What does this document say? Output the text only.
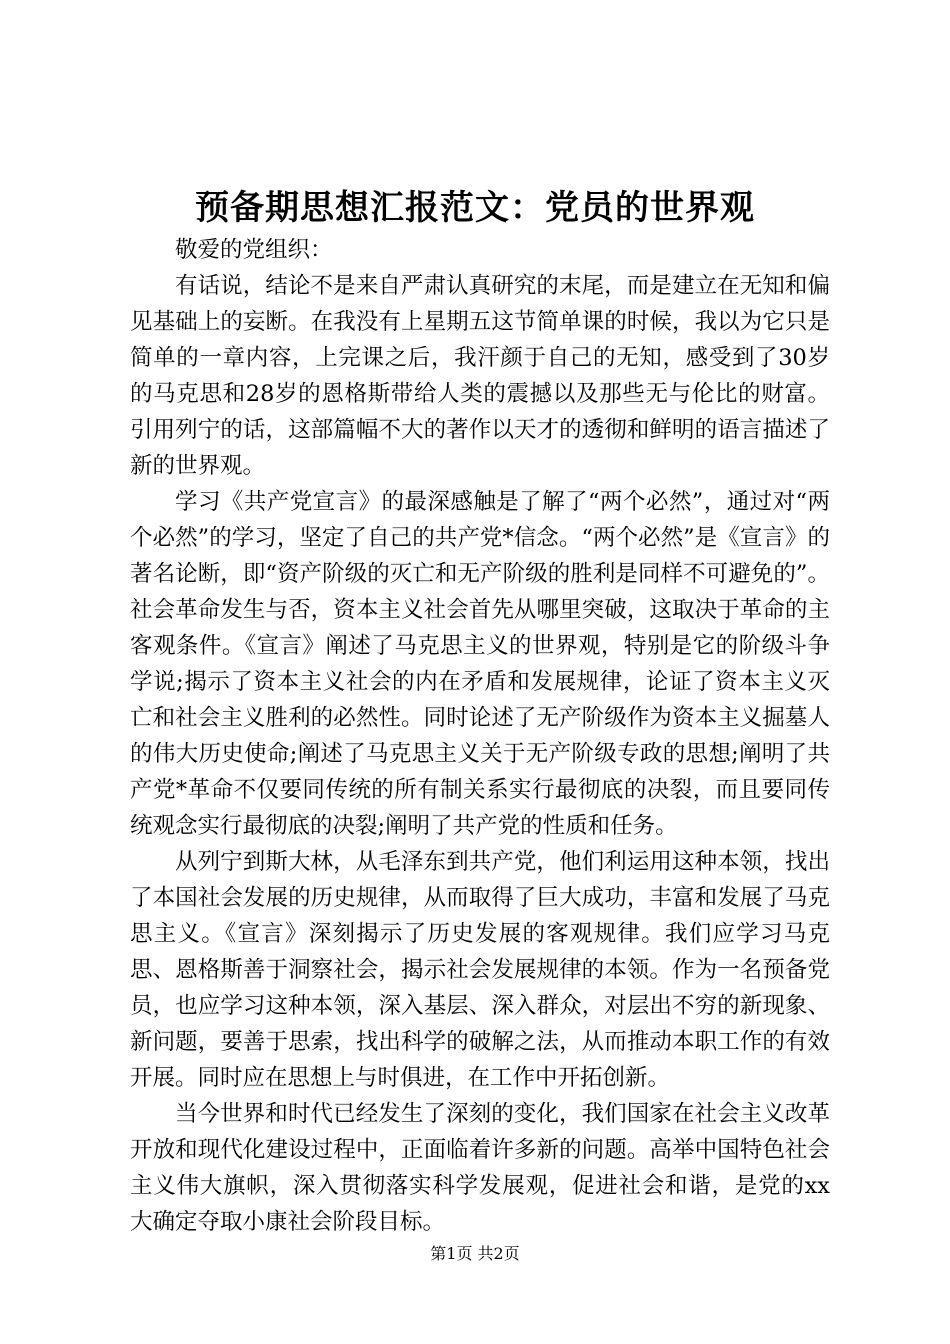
预备期思想汇报范文：党员的世界观

敬爱的党组织：

有话说，结论不是来自严肃认真研究的末尾，而是建立在无知和偏见基础上的妄断。在我没有上星期五这节简单课的时候，我以为它只是简单的一章内容，上完课之后，我汗颜于自己的无知，感受到了30岁的马克思和28岁的恩格斯带给人类的震撼以及那些无与伦比的财富。引用列宁的话，这部篇幅不大的著作以天才的透彻和鲜明的语言描述了新的世界观。

学习《共产党宣言》的最深感触是了解了“两个必然”，通过对“两个必然”的学习，坚定了自己的共产党*信念。“两个必然”是《宣言》的著名论断，即“资产阶级的灭亡和无产阶级的胜利是同样不可避免的”。社会革命发生与否，资本主义社会首先从哪里突破，这取决于革命的主客观条件。《宣言》阐述了马克思主义的世界观，特别是它的阶级斗争学说;揭示了资本主义社会的内在矛盾和发展规律，论证了资本主义灭亡和社会主义胜利的必然性。同时论述了无产阶级作为资本主义掘墓人的伟大历史使命;阐述了马克思主义关于无产阶级专政的思想;阐明了共产党*革命不仅要同传统的所有制关系实行最彻底的决裂，而且要同传统观念实行最彻底的决裂;阐明了共产党的性质和任务。

从列宁到斯大林，从毛泽东到共产党，他们利运用这种本领，找出了本国社会发展的历史规律，从而取得了巨大成功，丰富和发展了马克思主义。《宣言》深刻揭示了历史发展的客观规律。我们应学习马克思、恩格斯善于洞察社会，揭示社会发展规律的本领。作为一名预备党员，也应学习这种本领，深入基层、深入群众，对层出不穷的新现象、新问题，要善于思索，找出科学的破解之法，从而推动本职工作的有效开展。同时应在思想上与时俱进，在工作中开拓创新。

当今世界和时代已经发生了深刻的变化，我们国家在社会主义改革开放和现代化建设过程中，正面临着许多新的问题。高举中国特色社会主义伟大旗帜，深入贯彻落实科学发展观，促进社会和谐，是党的xx大确定夺取小康社会阶段目标。

第1页 共2页
